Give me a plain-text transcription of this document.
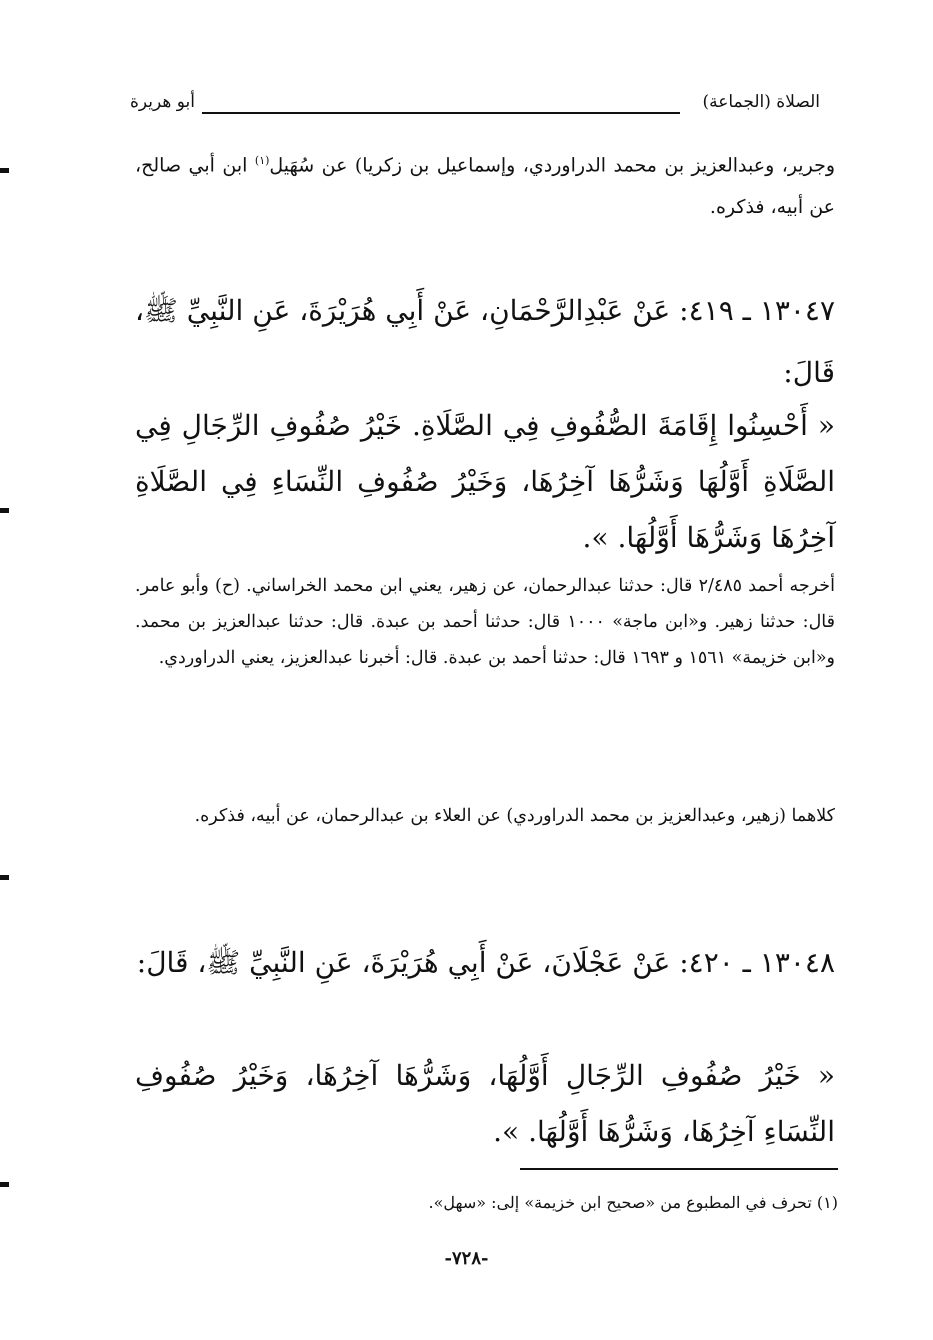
الصلاة (الجماعة)
أبو هريرة
وجرير، وعبدالعزيز بن محمد الدراوردي، وإسماعيل بن زكريا) عن سُهَيل$^{(١)}$ ابن أبي صالح، عن أبيه، فذكره.
١٣٠٤٧ ـ ٤١٩: عَنْ عَبْدِالرَّحْمَانِ، عَنْ أَبِي هُرَيْرَةَ، عَنِ النَّبِيِّ ﷺ، قَالَ:
« أَحْسِنُوا إِقَامَةَ الصُّفُوفِ فِي الصَّلَاةِ. خَيْرُ صُفُوفِ الرِّجَالِ فِي الصَّلَاةِ أَوَّلُهَا وَشَرُّهَا آخِرُهَا، وَخَيْرُ صُفُوفِ النِّسَاءِ فِي الصَّلَاةِ آخِرُهَا وَشَرُّهَا أَوَّلُهَا. ».
أخرجه أحمد ٢/٤٨٥ قال: حدثنا عبدالرحمان، عن زهير، يعني ابن محمد الخراساني. (ح) وأبو عامر. قال: حدثنا زهير. و«ابن ماجة» ١٠٠٠ قال: حدثنا أحمد بن عبدة. قال: حدثنا عبدالعزيز بن محمد. و«ابن خزيمة» ١٥٦١ و ١٦٩٣ قال: حدثنا أحمد بن عبدة. قال: أخبرنا عبدالعزيز، يعني الدراوردي.
كلاهما (زهير، وعبدالعزيز بن محمد الدراوردي) عن العلاء بن عبدالرحمان، عن أبيه، فذكره.
١٣٠٤٨ ـ ٤٢٠: عَنْ عَجْلَانَ، عَنْ أَبِي هُرَيْرَةَ، عَنِ النَّبِيِّ ﷺ، قَالَ:
« خَيْرُ صُفُوفِ الرِّجَالِ أَوَّلُهَا، وَشَرُّهَا آخِرُهَا، وَخَيْرُ صُفُوفِ النِّسَاءِ آخِرُهَا، وَشَرُّهَا أَوَّلُهَا. ».
(١) تحرف في المطبوع من «صحيح ابن خزيمة» إلى: «سهل».
-٧٢٨-
